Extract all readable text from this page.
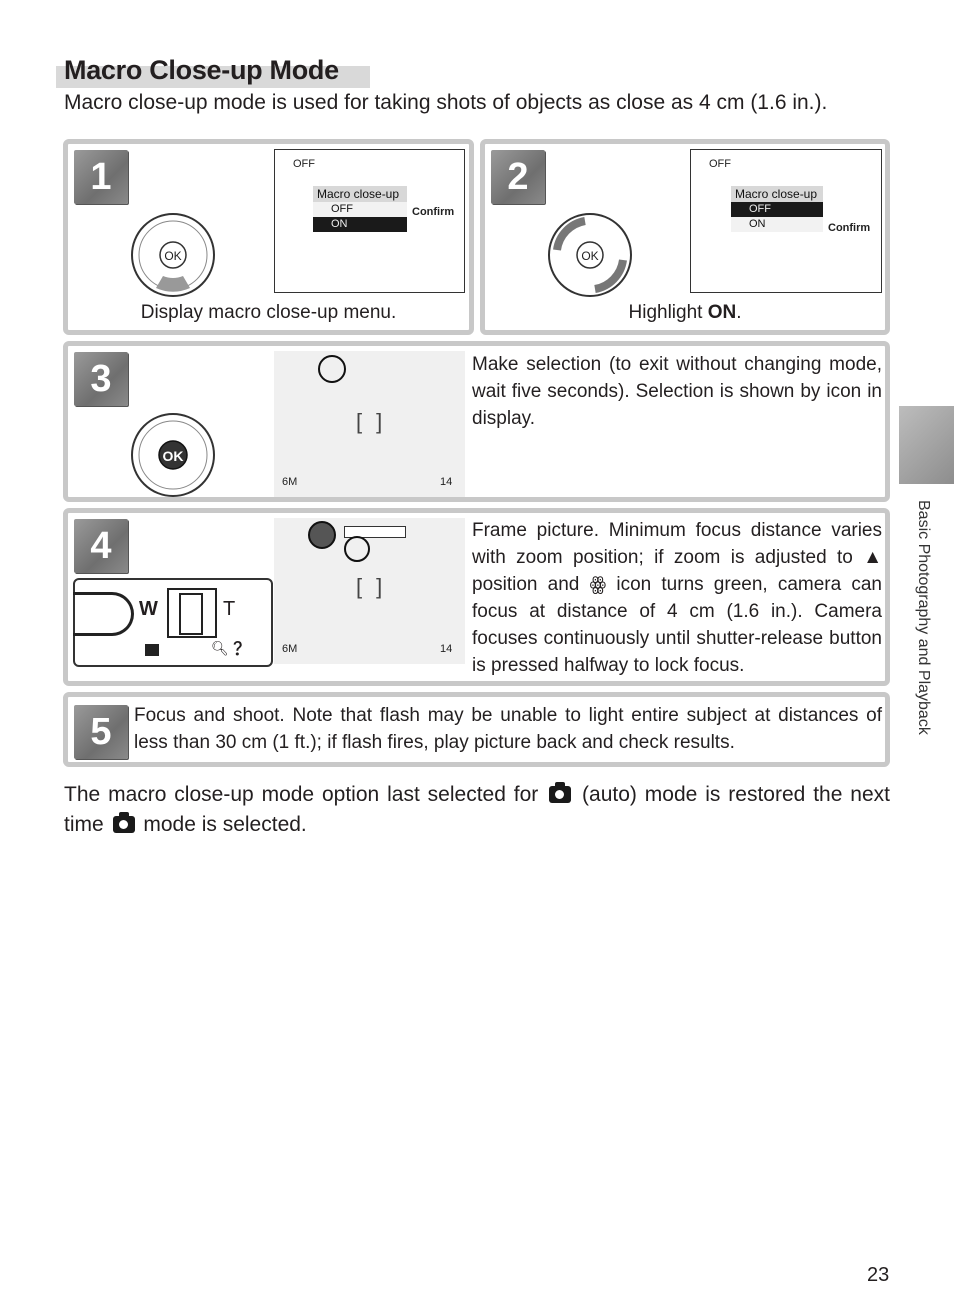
Macro Close-up Mode
Macro close-up mode is used for taking shots of objects as close as 4 cm (1.6 in.).
1
OK
OFF
Macro close-up
OFF
ON
Confirm
Display macro close-up menu.
2
OK
OFF
Macro close-up
OFF
ON	Confirm
Highlight ON.
3
OK
[]
6M	14
Make selection (to exit without changing mode, wait five seconds). Selection is shown by icon in display.
4
W	T
🔍︎❓︎
[]
6M	14
Frame picture. Minimum focus distance varies with zoom position; if zoom is adjusted to ▲ position and ꙮ icon turns green, camera can focus at distance of 4 cm (1.6 in.). Camera focuses continuously until shutter-release button is pressed halfway to lock focus.
5	Focus and shoot. Note that flash may be unable to light entire subject at distances of less than 30 cm (1 ft.); if flash fires, play picture back and check results.
The macro close-up mode option last selected for  (auto) mode is restored the next time  mode is selected.
Basic Photography and Playback
23
